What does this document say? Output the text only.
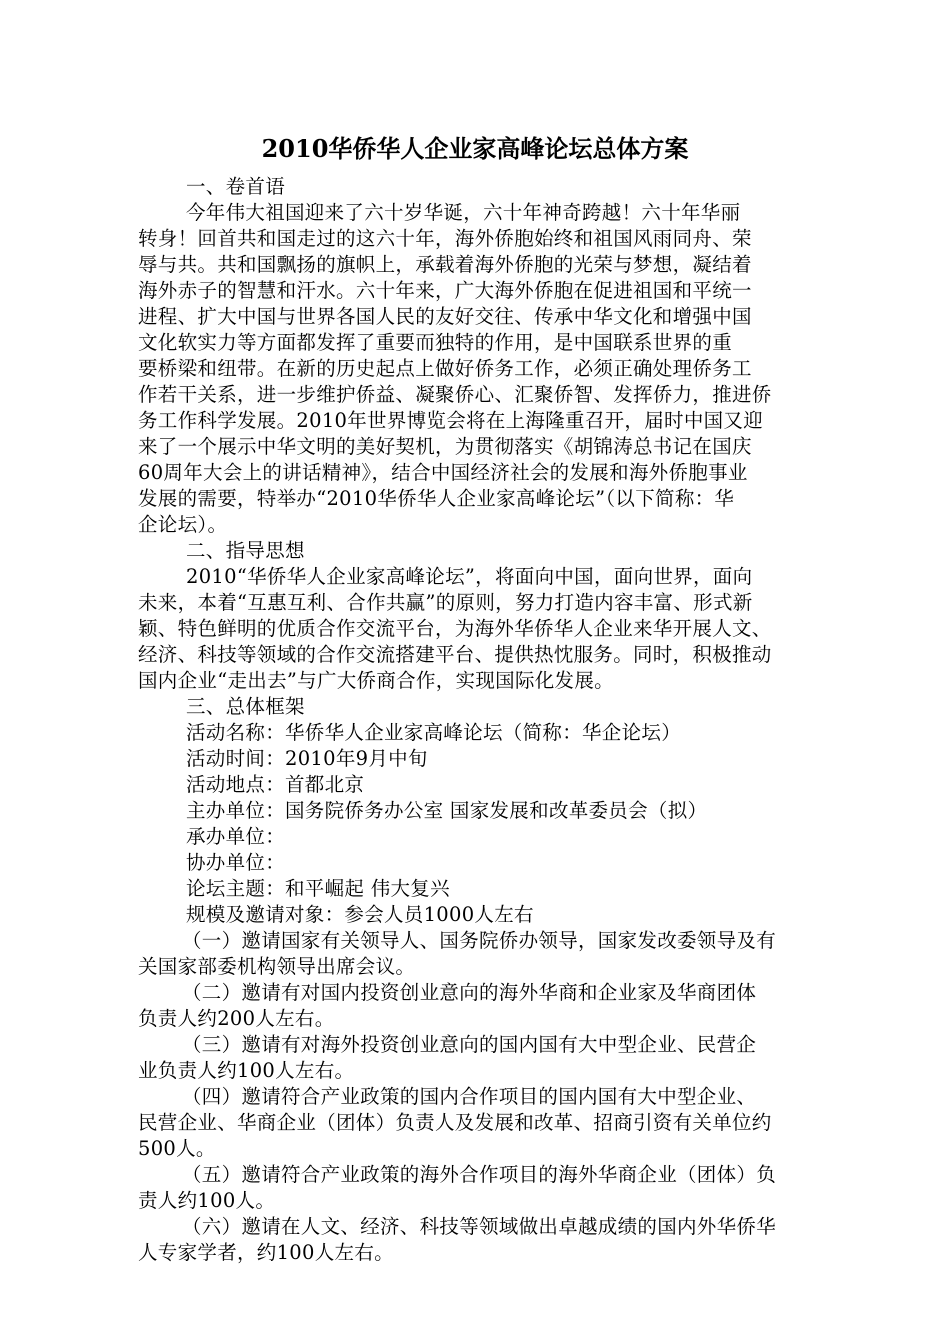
2010华侨华人企业家高峰论坛总体方案
一、卷首语
今年伟大祖国迎来了六十岁华诞，六十年神奇跨越！六十年华丽
转身！回首共和国走过的这六十年，海外侨胞始终和祖国风雨同舟、荣
辱与共。共和国飘扬的旗帜上，承载着海外侨胞的光荣与梦想，凝结着
海外赤子的智慧和汗水。六十年来，广大海外侨胞在促进祖国和平统一
进程、扩大中国与世界各国人民的友好交往、传承中华文化和增强中国
文化软实力等方面都发挥了重要而独特的作用，是中国联系世界的重
要桥梁和纽带。在新的历史起点上做好侨务工作，必须正确处理侨务工
作若干关系，进一步维护侨益、凝聚侨心、汇聚侨智、发挥侨力，推进侨
务工作科学发展。2010年世界博览会将在上海隆重召开，届时中国又迎
来了一个展示中华文明的美好契机，为贯彻落实《胡锦涛总书记在国庆
60周年大会上的讲话精神》，结合中国经济社会的发展和海外侨胞事业
发展的需要，特举办“2010华侨华人企业家高峰论坛”（以下简称：华
企论坛）。
二、指导思想
2010“华侨华人企业家高峰论坛”，将面向中国，面向世界，面向
未来，本着“互惠互利、合作共赢”的原则，努力打造内容丰富、形式新
颖、特色鲜明的优质合作交流平台，为海外华侨华人企业来华开展人文、
经济、科技等领域的合作交流搭建平台、提供热忱服务。同时，积极推动
国内企业“走出去”与广大侨商合作，实现国际化发展。
三、总体框架
活动名称：华侨华人企业家高峰论坛（简称：华企论坛）
活动时间：2010年9月中旬
活动地点：首都北京
主办单位：国务院侨务办公室 国家发展和改革委员会（拟）
承办单位：
协办单位：
论坛主题：和平崛起 伟大复兴
规模及邀请对象：参会人员1000人左右
（一）邀请国家有关领导人、国务院侨办领导，国家发改委领导及有
关国家部委机构领导出席会议。
（二）邀请有对国内投资创业意向的海外华商和企业家及华商团体
负责人约200人左右。
（三）邀请有对海外投资创业意向的国内国有大中型企业、民营企
业负责人约100人左右。
（四）邀请符合产业政策的国内合作项目的国内国有大中型企业、
民营企业、华商企业（团体）负责人及发展和改革、招商引资有关单位约
500人。
（五）邀请符合产业政策的海外合作项目的海外华商企业（团体）负
责人约100人。
（六）邀请在人文、经济、科技等领域做出卓越成绩的国内外华侨华
人专家学者，约100人左右。
